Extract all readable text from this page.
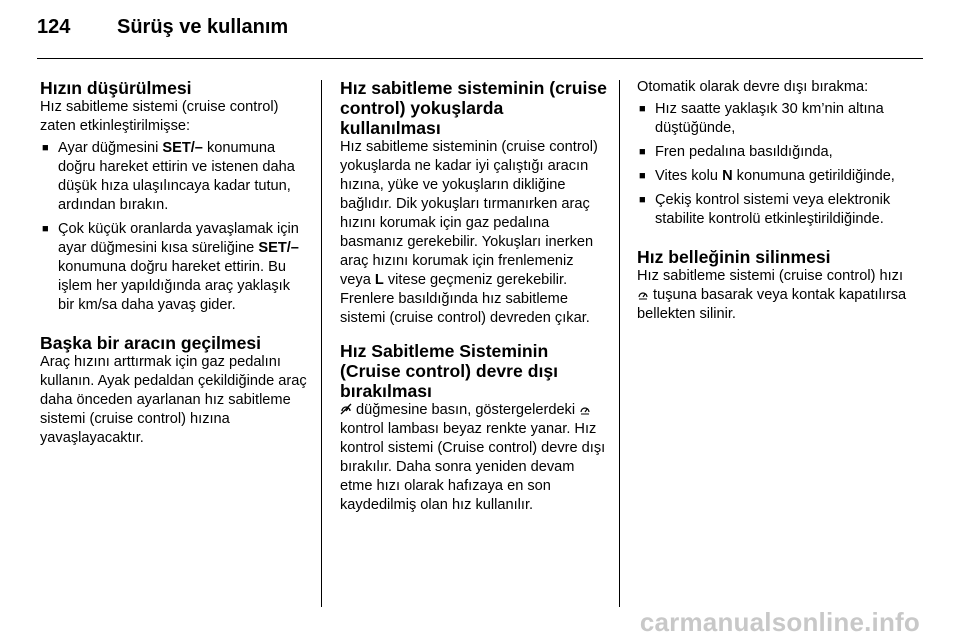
124 Sürüş ve kullanım
Hızın düşürülmesi

Hız sabitleme sistemi (cruise control) zaten etkinleştirilmişse:

■ Ayar düğmesini SET/– konumuna doğru hareket ettirin ve istenen daha düşük hıza ulaşılıncaya kadar tutun, ardından bırakın.
■ Çok küçük oranlarda yavaşlamak için ayar düğmesini kısa süreliğine SET/– konumuna doğru hareket ettirin. Bu işlem her yapıldığında araç yaklaşık bir km/sa daha yavaş gider.
Başka bir aracın geçilmesi

Araç hızını arttırmak için gaz pedalını kullanın. Ayak pedaldan çekildiğinde araç daha önceden ayarlanan hız sabitleme sistemi (cruise control) hızına yavaşlayacaktır.

Hız sabitleme sisteminin (cruise control) yokuşlarda kullanılması

Hız sabitleme sisteminin (cruise control) yokuşlarda ne kadar iyi çalıştığı aracın hızına, yüke ve yokuşların dikliğine bağlıdır. Dik yokuşları tırmanırken araç hızını korumak için gaz pedalına basmanız gerekebilir. Yokuşları inerken araç hızını korumak için frenlemeniz veya L vitese geçmeniz gerekebilir. Frenlere basıldığında hız sabitleme sistemi (cruise control) devreden çıkar.

Hız Sabitleme Sisteminin (Cruise control) devre dışı bırakılması

düğmesine basın, göstergelerdeki  kontrol lambası beyaz renkte yanar. Hız kontrol sistemi (Cruise control) devre dışı bırakılır. Daha sonra yeniden devam etme hızı olarak hafızaya en son kaydedilmiş olan hız kullanılır.

Otomatik olarak devre dışı bırakma:

■ Hız saatte yaklaşık 30 km’nin altına düştüğünde,
■ Fren pedalına basıldığında,
■ Vites kolu N konumuna getirildiğinde,
■ Çekiş kontrol sistemi veya elektronik stabilite kontrolü etkinleştirildiğinde.
Hız belleğinin silinmesi

Hız sabitleme sistemi (cruise control) hızı  tuşuna basarak veya kontak kapatılırsa bellekten silinir.

carmanualsonline.info
